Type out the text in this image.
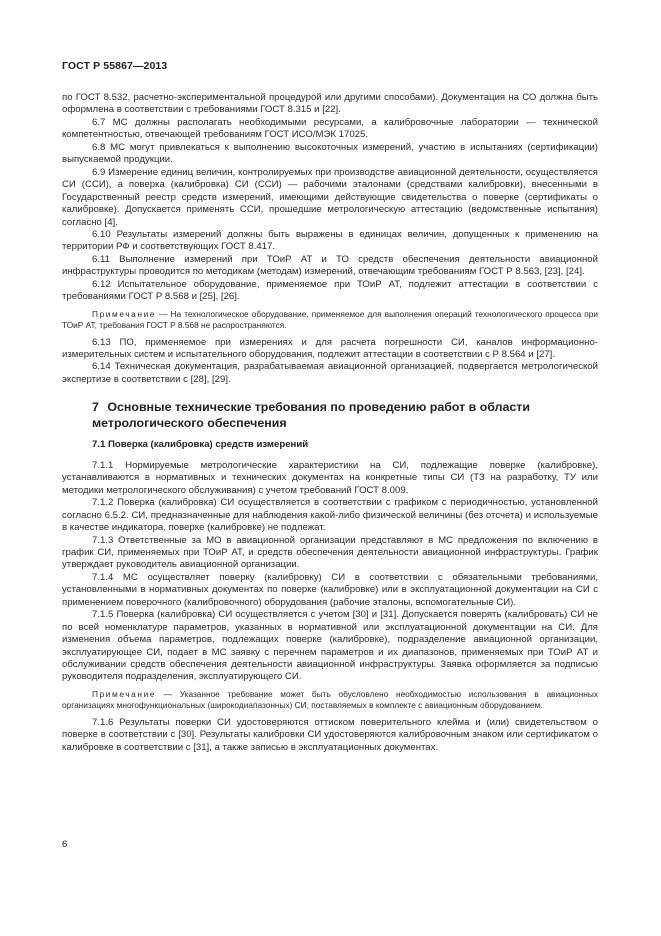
ГОСТ Р 55867—2013

по ГОСТ 8.532, расчетно-экспериментальной процедурой или другими способами). Документация на СО должна быть оформлена в соответствии с требованиями ГОСТ 8.315 и [22].

6.7 МС должны располагать необходимыми ресурсами, а калибровочные лаборатории — технической компетентностью, отвечающей требованиям ГОСТ ИСО/МЭК 17025.

6.8 МС могут привлекаться к выполнению высокоточных измерений, участию в испытаниях (сертификации) выпускаемой продукции.

6.9 Измерение единиц величин, контролируемых при производстве авиационной деятельности, осуществляется СИ (ССИ), а поверка (калибровка) СИ (ССИ) — рабочими эталонами (средствами калибровки), внесенными в Государственный реестр средств измерений, имеющими действующие свидетельства о поверке (сертификаты о калибровке). Допускается применять ССИ, прошедшие метрологическую аттестацию (ведомственные испытания) согласно [4].

6.10 Результаты измерений должны быть выражены в единицах величин, допущенных к применению на территории РФ и соответствующих ГОСТ 8.417.

6.11 Выполнение измерений при ТОиР АТ и ТО средств обеспечения деятельности авиационной инфраструктуры проводится по методикам (методам) измерений, отвечающим требованиям ГОСТ Р 8.563, [23], [24].

6.12 Испытательное оборудование, применяемое при ТОиР АТ, подлежит аттестации в соответствии с требованиями ГОСТ Р 8.568 и [25], [26].

Примечание — На технологическое оборудование, применяемое для выполнения операций технологического процесса при ТОиР АТ, требования ГОСТ Р 8.568 не распространяются.

6.13 ПО, применяемое при измерениях и для расчета погрешности СИ, каналов информационно-измерительных систем и испытательного оборудования, подлежит аттестации в соответствии с Р 8.564 и [27].

6.14 Техническая документация, разрабатываемая авиационной организацией, подвергается метрологической экспертизе в соответствии с [28], [29].

7 Основные технические требования по проведению работ в области метрологического обеспечения
7.1 Поверка (калибровка) средств измерений

7.1.1 Нормируемые метрологические характеристики на СИ, подлежащие поверке (калибровке), устанавливаются в нормативных и технических документах на конкретные типы СИ (ТЗ на разработку, ТУ или методики метрологического обслуживания) с учетом требований ГОСТ 8.009.

7.1.2 Поверка (калибровка) СИ осуществляется в соответствии с графиком с периодичностью, установленной согласно 6.5.2. СИ, предназначенные для наблюдения какой-либо физической величины (без отсчета) и используемые в качестве индикатора, поверке (калибровке) не подлежат.

7.1.3 Ответственные за МО в авиационной организации представляют в МС предложения по включению в график СИ, применяемых при ТОиР АТ, и средств обеспечения деятельности авиационной инфраструктуры. График утверждает руководитель авиационной организации.

7.1.4 МС осуществляет поверку (калибровку) СИ в соответствии с обязательными требованиями, установленными в нормативных документах по поверке (калибровке) или в эксплуатационной документации на СИ с применением поверочного (калибровочного) оборудования (рабочие эталоны, вспомогательные СИ).

7.1.5 Поверка (калибровка) СИ осуществляется с учетом [30] и [31]. Допускается поверять (калибровать) СИ не по всей номенклатуре параметров, указанных в нормативной или эксплуатационной документации на СИ. Для изменения объема параметров, подлежащих поверке (калибровке), подразделение авиационной организации, эксплуатирующее СИ, подает в МС заявку с перечнем параметров и их диапазонов, применяемых при ТОиР АТ и обслуживании средств обеспечения деятельности авиационной инфраструктуры. Заявка оформляется за подписью руководителя подразделения, эксплуатирующего СИ.

Примечание — Указанное требование может быть обусловлено необходимостью использования в авиационных организациях многофункциональных (широкодиапазонных) СИ, поставляемых в комплекте с авиационным оборудованием.

7.1.6 Результаты поверки СИ удостоверяются оттиском поверительного клейма и (или) свидетельством о поверке в соответствии с [30]. Результаты калибровки СИ удостоверяются калибровочным знаком или сертификатом о калибровке в соответствии с [31], а также записью в эксплуатационных документах.

6
